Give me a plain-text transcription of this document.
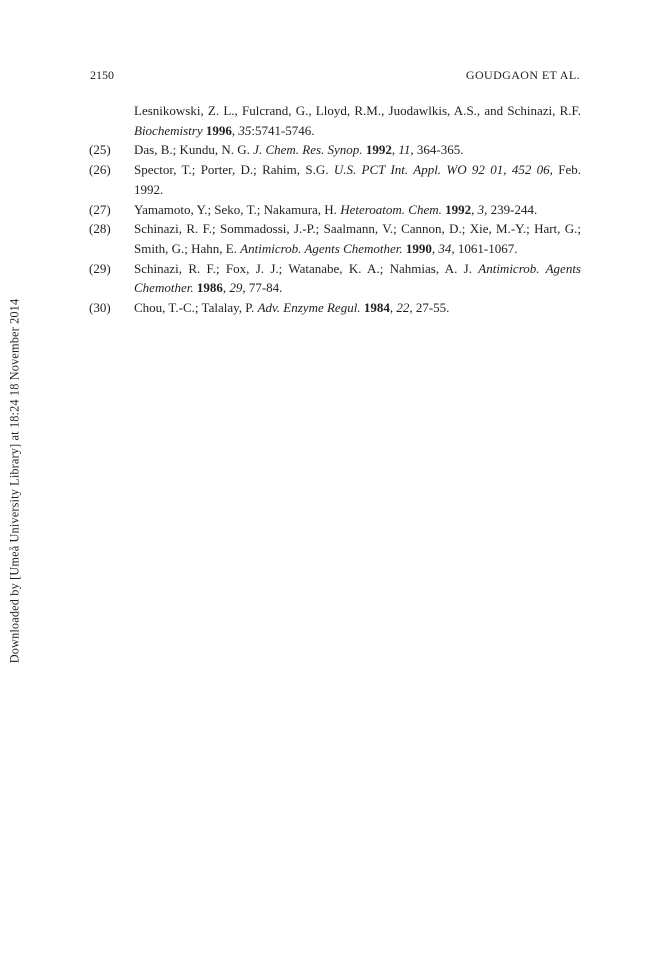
2150	GOUDGAON ET AL.
Downloaded by [Umeå University Library] at 18:24 18 November 2014
Lesnikowski, Z. L., Fulcrand, G., Lloyd, R.M., Juodawlkis, A.S., and Schinazi, R.F. Biochemistry 1996, 35:5741-5746.
(25) Das, B.; Kundu, N. G. J. Chem. Res. Synop. 1992, 11, 364-365.
(26) Spector, T.; Porter, D.; Rahim, S.G. U.S. PCT Int. Appl. WO 92 01, 452 06, Feb. 1992.
(27) Yamamoto, Y.; Seko, T.; Nakamura, H. Heteroatom. Chem. 1992, 3, 239-244.
(28) Schinazi, R. F.; Sommadossi, J.-P.; Saalmann, V.; Cannon, D.; Xie, M.-Y.; Hart, G.; Smith, G.; Hahn, E. Antimicrob. Agents Chemother. 1990, 34, 1061-1067.
(29) Schinazi, R. F.; Fox, J. J.; Watanabe, K. A.; Nahmias, A. J. Antimicrob. Agents Chemother. 1986, 29, 77-84.
(30) Chou, T.-C.; Talalay, P. Adv. Enzyme Regul. 1984, 22, 27-55.
